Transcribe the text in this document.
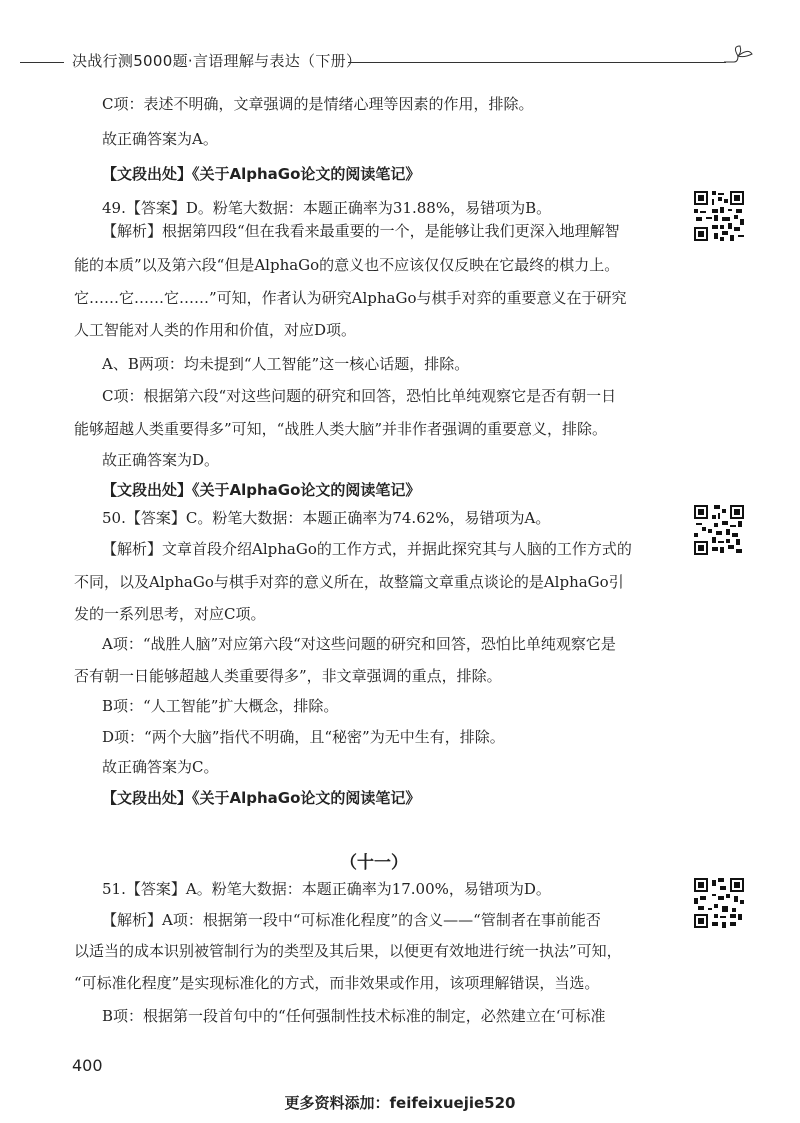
决战行测5000题·言语理解与表达（下册）
C项：表述不明确，文章强调的是情绪心理等因素的作用，排除。
故正确答案为A。
【文段出处】《关于AlphaGo论文的阅读笔记》
49.【答案】D。粉笔大数据：本题正确率为31.88%，易错项为B。
【解析】根据第四段“但在我看来最重要的一个，是能够让我们更深入地理解智
能的本质”以及第六段“但是AlphaGo的意义也不应该仅仅反映在它最终的棋力上。
它……它……它……”可知，作者认为研究AlphaGo与棋手对弈的重要意义在于研究
人工智能对人类的作用和价值，对应D项。
A、B两项：均未提到“人工智能”这一核心话题，排除。
C项：根据第六段“对这些问题的研究和回答，恐怕比单纯观察它是否有朝一日
能够超越人类重要得多”可知，“战胜人类大脑”并非作者强调的重要意义，排除。
故正确答案为D。
【文段出处】《关于AlphaGo论文的阅读笔记》
50.【答案】C。粉笔大数据：本题正确率为74.62%，易错项为A。
【解析】文章首段介绍AlphaGo的工作方式，并据此探究其与人脑的工作方式的
不同，以及AlphaGo与棋手对弈的意义所在，故整篇文章重点谈论的是AlphaGo引
发的一系列思考，对应C项。
A项：“战胜人脑”对应第六段“对这些问题的研究和回答，恐怕比单纯观察它是
否有朝一日能够超越人类重要得多”，非文章强调的重点，排除。
B项：“人工智能”扩大概念，排除。
D项：“两个大脑”指代不明确，且“秘密”为无中生有，排除。
故正确答案为C。
【文段出处】《关于AlphaGo论文的阅读笔记》
（十一）
51.【答案】A。粉笔大数据：本题正确率为17.00%，易错项为D。
【解析】A项：根据第一段中“可标准化程度”的含义——“管制者在事前能否
以适当的成本识别被管制行为的类型及其后果，以便更有效地进行统一执法”可知，
“可标准化程度”是实现标准化的方式，而非效果或作用，该项理解错误，当选。
B项：根据第一段首句中的“任何强制性技术标准的制定，必然建立在‘可标准
400
更多资料添加：feifeixuejie520
